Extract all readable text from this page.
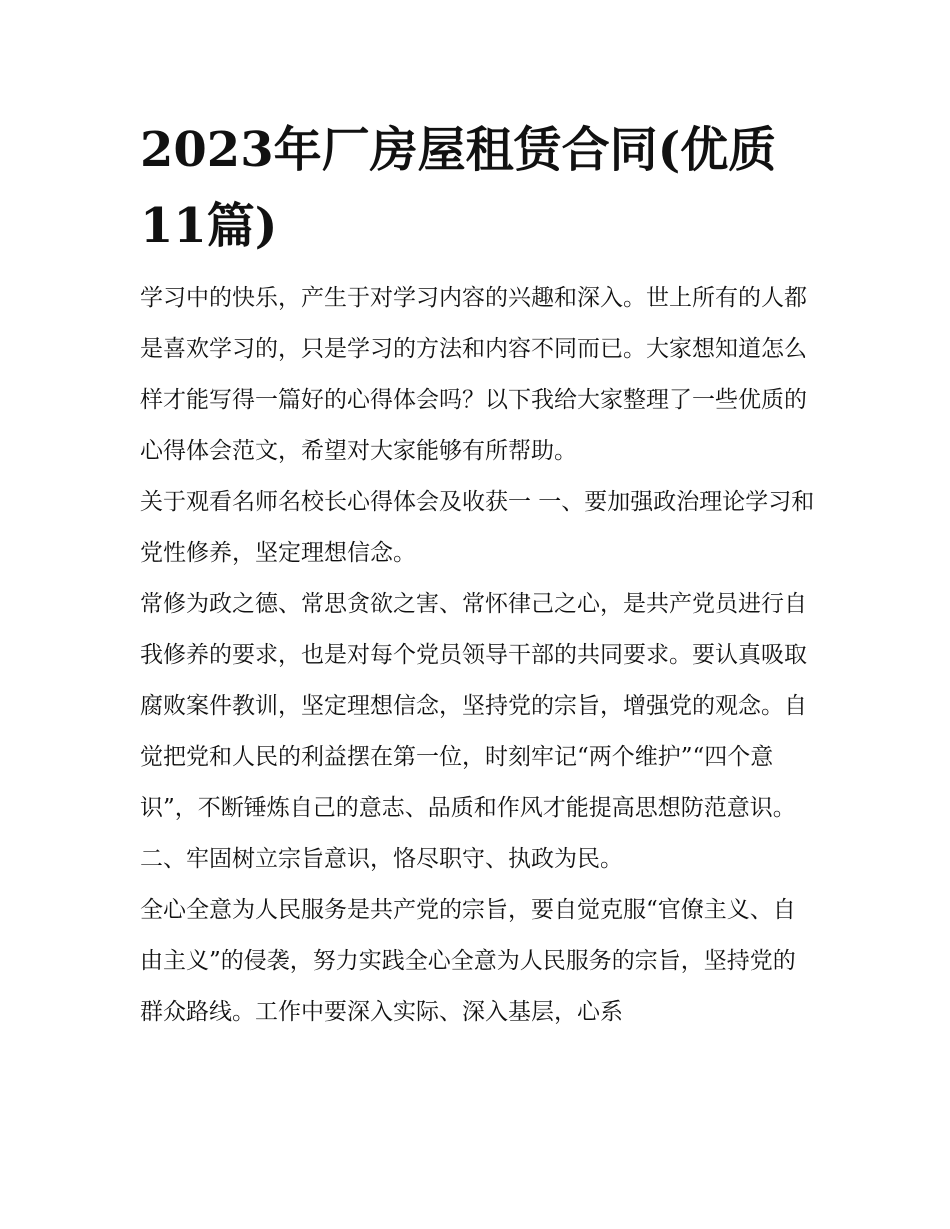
2023年厂房屋租赁合同(优质11篇)

学习中的快乐，产生于对学习内容的兴趣和深入。世上所有的人都是喜欢学习的，只是学习的方法和内容不同而已。大家想知道怎么样才能写得一篇好的心得体会吗？以下我给大家整理了一些优质的心得体会范文，希望对大家能够有所帮助。

关于观看名师名校长心得体会及收获一 一、要加强政治理论学习和党性修养，坚定理想信念。

常修为政之德、常思贪欲之害、常怀律己之心，是共产党员进行自我修养的要求，也是对每个党员领导干部的共同要求。要认真吸取腐败案件教训，坚定理想信念，坚持党的宗旨，增强党的观念。自觉把党和人民的利益摆在第一位，时刻牢记“两个维护”“四个意识”，不断锤炼自己的意志、品质和作风才能提高思想防范意识。

二、牢固树立宗旨意识，恪尽职守、执政为民。

全心全意为人民服务是共产党的宗旨，要自觉克服“官僚主义、自由主义”的侵袭，努力实践全心全意为人民服务的宗旨，坚持党的群众路线。工作中要深入实际、深入基层，心系
